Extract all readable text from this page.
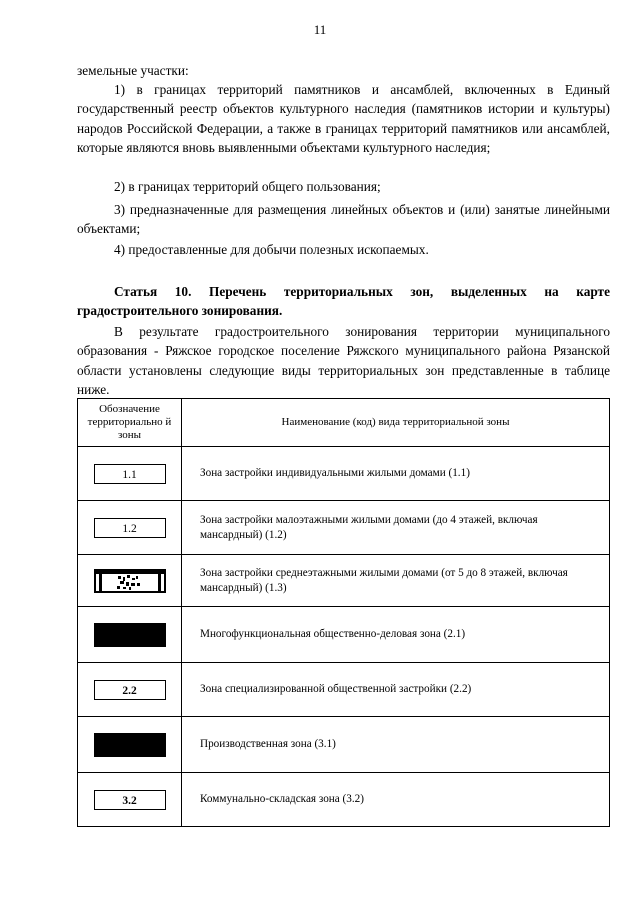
11

земельные участки:

1) в границах территорий памятников и ансамблей, включенных в Единый государственный реестр объектов культурного наследия (памятников истории и культуры) народов Российской Федерации, а также в границах территорий памятников или ансамблей, которые являются вновь выявленными объектами культурного наследия;

2) в границах территорий общего пользования;

3) предназначенные для размещения линейных объектов и (или) занятые линейными объектами;

4) предоставленные для добычи полезных ископаемых.

Статья 10. Перечень территориальных зон, выделенных на карте градостроительного зонирования.

В результате градостроительного зонирования территории муниципального образования - Ряжское городское поселение Ряжского муниципального района Рязанской области установлены следующие виды территориальных зон представленные в таблице ниже.

Обозначение территориально й зоны	Наименование (код) вида территориальной зоны
1.1	Зона застройки индивидуальными жилыми домами (1.1)
1.2	Зона застройки малоэтажными жилыми домами (до 4 этажей, включая мансардный) (1.2)

	Зона застройки среднеэтажными жилыми домами (от 5 до 8 этажей, включая мансардный) (1.3)
	Многофункциональная общественно-деловая зона (2.1)
2.2	Зона специализированной общественной застройки (2.2)
	Производственная зона (3.1)
3.2	Коммунально-складская зона (3.2)
